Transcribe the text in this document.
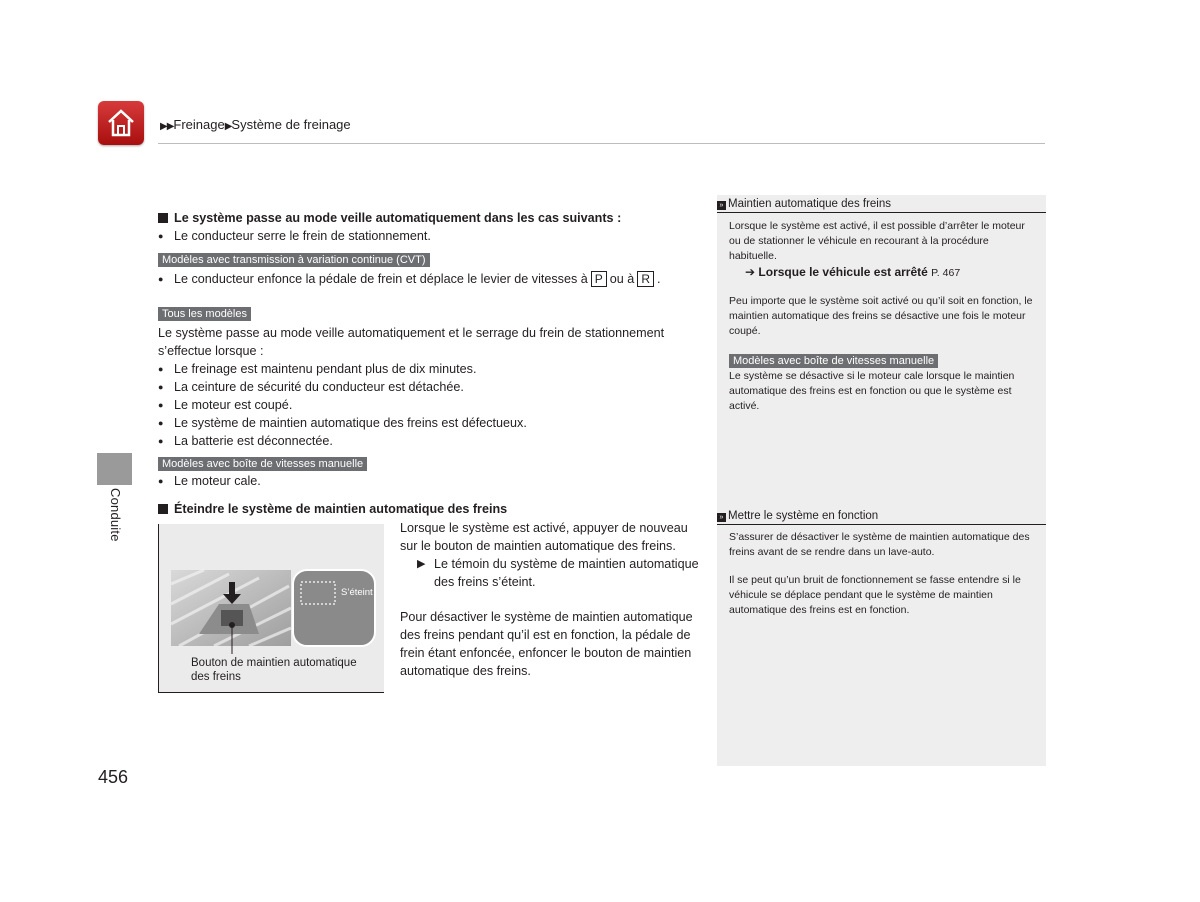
▶▶Freinage▶Système de freinage
Conduite
Le système passe au mode veille automatiquement dans les cas suivants :
● Le conducteur serre le frein de stationnement.
Modèles avec transmission à variation continue (CVT)
● Le conducteur enfonce la pédale de frein et déplace le levier de vitesses à P ou à R .
Tous les modèles
Le système passe au mode veille automatiquement et le serrage du frein de stationnement s’effectue lorsque :
● Le freinage est maintenu pendant plus de dix minutes.
● La ceinture de sécurité du conducteur est détachée.
● Le moteur est coupé.
● Le système de maintien automatique des freins est défectueux.
● La batterie est déconnectée.
Modèles avec boîte de vitesses manuelle
● Le moteur cale.
Éteindre le système de maintien automatique des freins
Lorsque le système est activé, appuyer de nouveau sur le bouton de maintien automatique des freins.
▶ Le témoin du système de maintien automatique des freins s’éteint.
Pour désactiver le système de maintien automatique des freins pendant qu’il est en fonction, la pédale de frein étant enfoncée, enfoncer le bouton de maintien automatique des freins.
S’éteint
Bouton de maintien automatique des freins
» Maintien automatique des freins
Lorsque le système est activé, il est possible d’arrêter le moteur ou de stationner le véhicule en recourant à la procédure habituelle.
➔ Lorsque le véhicule est arrêté P. 467
Peu importe que le système soit activé ou qu’il soit en fonction, le maintien automatique des freins se désactive une fois le moteur coupé.
Modèles avec boîte de vitesses manuelle
Le système se désactive si le moteur cale lorsque le maintien automatique des freins est en fonction ou que le système est activé.
» Mettre le système en fonction
S’assurer de désactiver le système de maintien automatique des freins avant de se rendre dans un lave-auto.
Il se peut qu’un bruit de fonctionnement se fasse entendre si le véhicule se déplace pendant que le système de maintien automatique des freins est en fonction.
456
